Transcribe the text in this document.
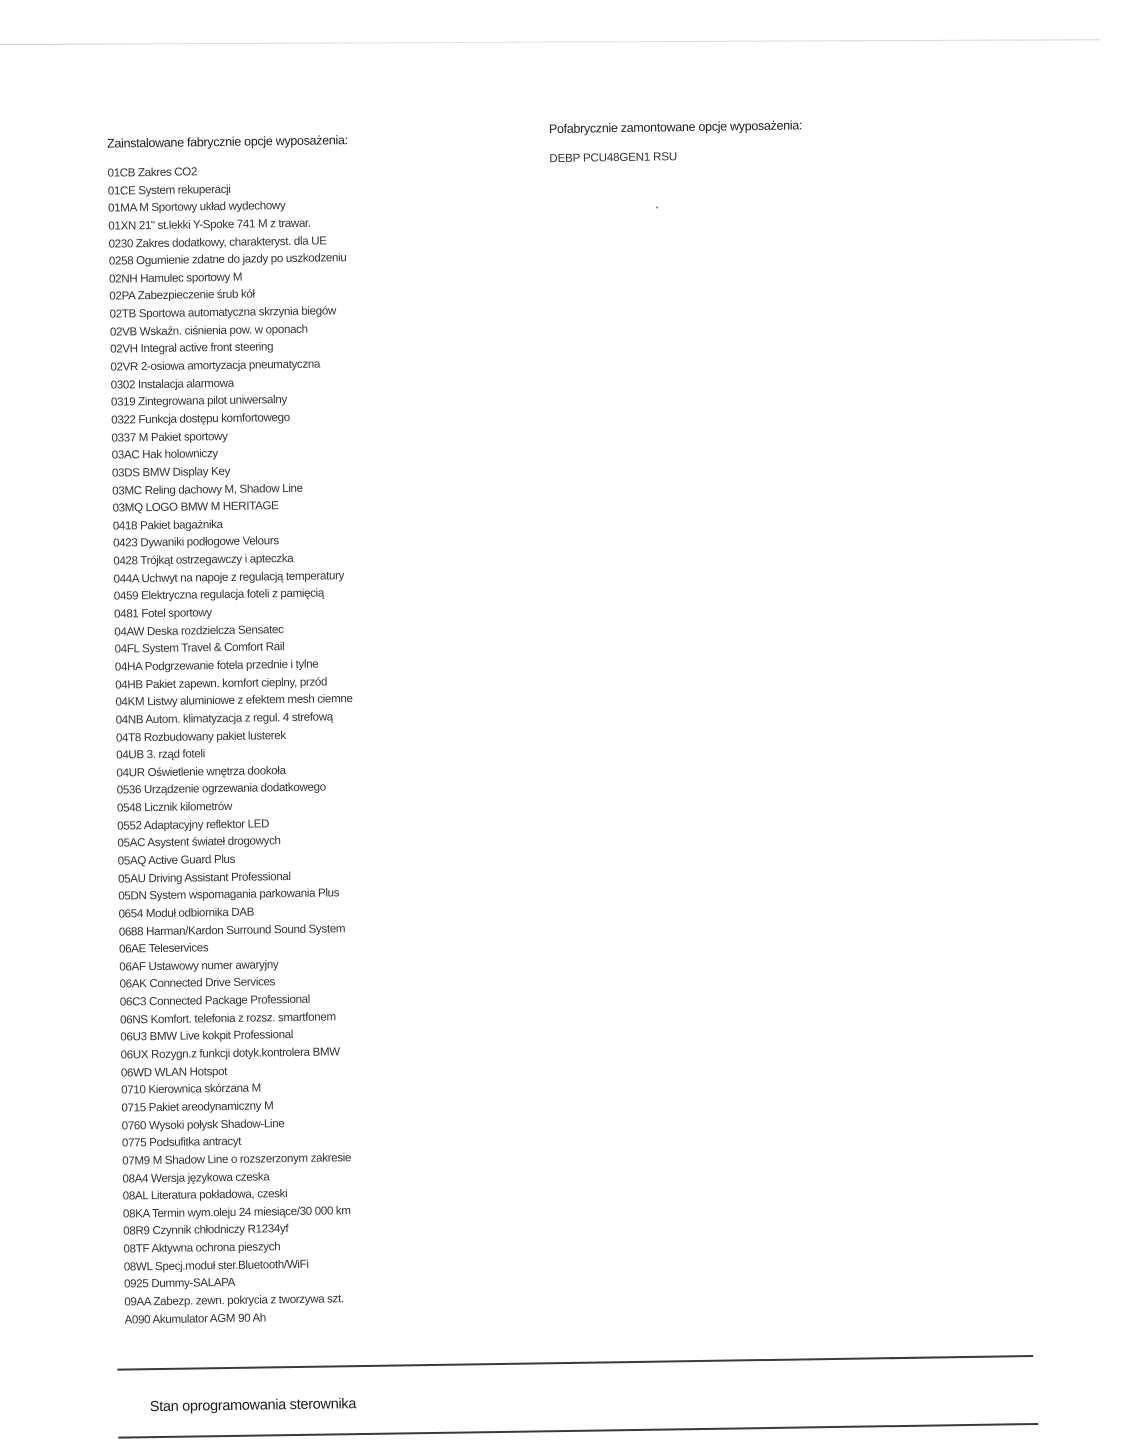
Zainstalowane fabrycznie opcje wyposażenia:
01CB Zakres CO2
01CE System rekuperacji
01MA M Sportowy układ wydechowy
01XN 21" st.lekki Y-Spoke 741 M z trawar.
0230 Zakres dodatkowy, charakteryst. dla UE
0258 Ogumienie zdatne do jazdy po uszkodzeniu
02NH Hamulec sportowy M
02PA Zabezpieczenie śrub kół
02TB Sportowa automatyczna skrzynia biegów
02VB Wskaźn. ciśnienia pow. w oponach
02VH Integral active front steering
02VR 2-osiowa amortyzacja pneumatyczna
0302 Instalacja alarmowa
0319 Zintegrowana pilot uniwersalny
0322 Funkcja dostępu komfortowego
0337 M Pakiet sportowy
03AC Hak holowniczy
03DS BMW Display Key
03MC Reling dachowy M, Shadow Line
03MQ LOGO BMW M HERITAGE
0418 Pakiet bagażnika
0423 Dywaniki podłogowe Velours
0428 Trójkąt ostrzegawczy i apteczka
044A Uchwyt na napoje z regulacją temperatury
0459 Elektryczna regulacja foteli z pamięcią
0481 Fotel sportowy
04AW Deska rozdzielcza Sensatec
04FL System Travel & Comfort Rail
04HA Podgrzewanie fotela przednie i tylne
04HB Pakiet zapewn. komfort cieplny, przód
04KM Listwy aluminiowe z efektem mesh ciemne
04NB Autom. klimatyzacja z regul. 4 strefową
04T8 Rozbudowany pakiet lusterek
04UB 3. rząd foteli
04UR Oświetlenie wnętrza dookoła
0536 Urządzenie ogrzewania dodatkowego
0548 Licznik kilometrów
0552 Adaptacyjny reflektor LED
05AC Asystent świateł drogowych
05AQ Active Guard Plus
05AU Driving Assistant Professional
05DN System wspomagania parkowania Plus
0654 Moduł odbiornika DAB
0688 Harman/Kardon Surround Sound System
06AE Teleservices
06AF Ustawowy numer awaryjny
06AK Connected Drive Services
06C3 Connected Package Professional
06NS Komfort. telefonia z rozsz. smartfonem
06U3 BMW Live kokpit Professional
06UX Rozygn.z funkcji dotyk.kontrolera BMW
06WD WLAN Hotspot
0710 Kierownica skórzana M
0715 Pakiet areodynamiczny M
0760 Wysoki połysk Shadow-Line
0775 Podsufitka antracyt
07M9 M Shadow Line o rozszerzonym zakresie
08A4 Wersja językowa czeska
08AL Literatura pokładowa, czeski
08KA Termin wym.oleju 24 miesiące/30 000 km
08R9 Czynnik chłodniczy R1234yf
08TF Aktywna ochrona pieszych
08WL Specj.moduł ster.Bluetooth/WiFi
0925 Dummy-SALAPA
09AA Zabezp. zewn. pokrycia z tworzywa szt.
A090 Akumulator AGM 90 Ah
Pofabrycznie zamontowane opcje wyposażenia:
DEBP PCU48GEN1 RSU
Stan oprogramowania sterownika
